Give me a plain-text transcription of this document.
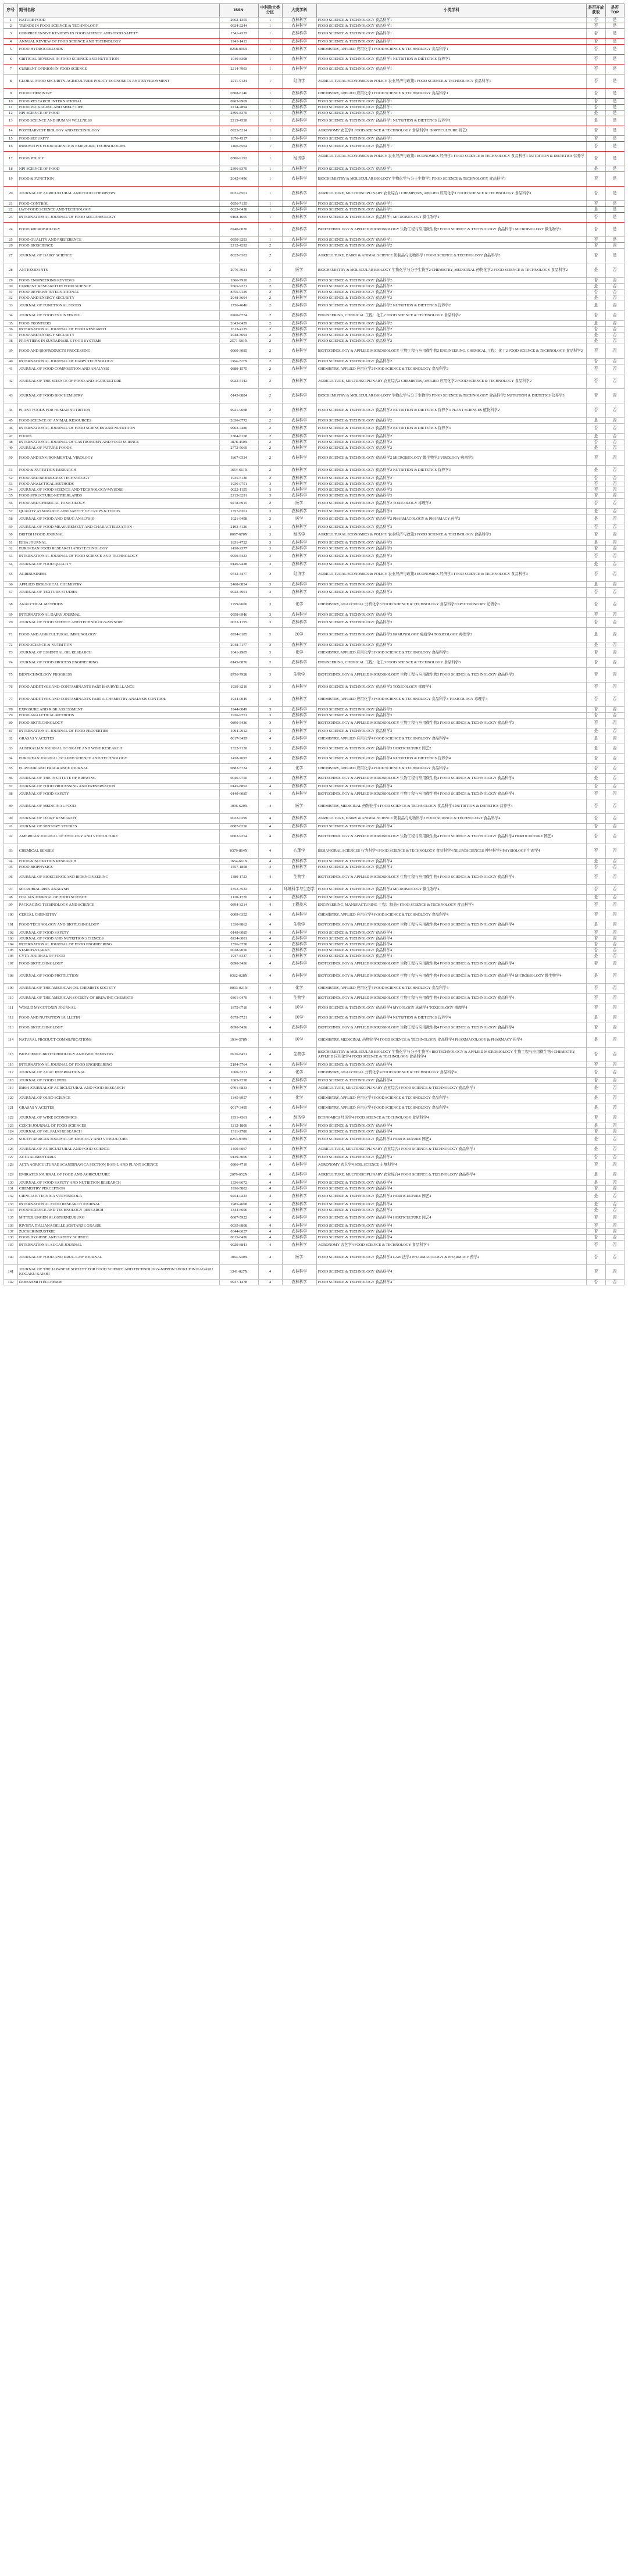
序号	期刊名称	ISSN	中科院大类分区	大类学科	小类学科	是否开放获取	是否TOP
1	NATURE FOOD	2662-1355	1	农林科学	FOOD SCIENCE & TECHNOLOGY 食品科学1	否	是
2	TRENDS IN FOOD SCIENCE & TECHNOLOGY	0924-2244	1	农林科学	FOOD SCIENCE & TECHNOLOGY 食品科学1	否	是
3	COMPREHENSIVE REVIEWS IN FOOD SCIENCE AND FOOD SAFETY	1541-4337	1	农林科学	FOOD SCIENCE & TECHNOLOGY 食品科学1	否	是
4	ANNUAL REVIEW OF FOOD SCIENCE AND TECHNOLOGY	1941-1413	1	农林科学	FOOD SCIENCE & TECHNOLOGY 食品科学1	否	是
5	FOOD HYDROCOLLOIDS	0268-005X	1	农林科学	CHEMISTRY, APPLIED 应用化学1 FOOD SCIENCE & TECHNOLOGY 食品科学1	否	是
6	CRITICAL REVIEWS IN FOOD SCIENCE AND NUTRITION	1040-8398	1	农林科学	FOOD SCIENCE & TECHNOLOGY 食品科学1 NUTRITION & DIETETICS 营养学1	否	是
7	CURRENT OPINION IN FOOD SCIENCE	2214-7993	1	农林科学	FOOD SCIENCE & TECHNOLOGY 食品科学1	否	是
8	GLOBAL FOOD SECURITY-AGRICULTURE POLICY ECONOMICS AND ENVIRONMENT	2211-9124	1	经济学	AGRICULTURAL ECONOMICS & POLICY 农业经济与政策1 FOOD SCIENCE & TECHNOLOGY 食品科学1	否	是
9	FOOD CHEMISTRY	0308-8146	1	农林科学	CHEMISTRY, APPLIED 应用化学1 FOOD SCIENCE & TECHNOLOGY 食品科学1	否	是
10	FOOD RESEARCH INTERNATIONAL	0963-9969	1	农林科学	FOOD SCIENCE & TECHNOLOGY 食品科学1	否	是
11	FOOD PACKAGING AND SHELF LIFE	2214-2894	1	农林科学	FOOD SCIENCE & TECHNOLOGY 食品科学1	否	是
12	NPJ SCIENCE OF FOOD	2396-8370	1	农林科学	FOOD SCIENCE & TECHNOLOGY 食品科学1	是	是
13	FOOD SCIENCE AND HUMAN WELLNESS	2213-4530	1	农林科学	FOOD SCIENCE & TECHNOLOGY 食品科学1 NUTRITION & DIETETICS 营养学1	是	是
14	POSTHARVEST BIOLOGY AND TECHNOLOGY	0925-5214	1	农林科学	AGRONOMY 农艺学1 FOOD SCIENCE & TECHNOLOGY 食品科学1 HORTICULTURE 园艺1	否	是
15	FOOD SECURITY	1876-4517	1	农林科学	FOOD SCIENCE & TECHNOLOGY 食品科学1	否	是
16	INNOVATIVE FOOD SCIENCE & EMERGING TECHNOLOGIES	1466-8564	1	农林科学	FOOD SCIENCE & TECHNOLOGY 食品科学1	否	是
17	FOOD POLICY	0306-9192	1	经济学	AGRICULTURAL ECONOMICS & POLICY 农业经济与政策1 ECONOMICS 经济学1 FOOD SCIENCE & TECHNOLOGY 食品科学1 NUTRITION & DIETETICS 营养学1	否	是
18	NPJ SCIENCE OF FOOD	2396-8370	1	农林科学	FOOD SCIENCE & TECHNOLOGY 食品科学1	是	是
19	FOOD & FUNCTION	2042-6496	1	农林科学	BIOCHEMISTRY & MOLECULAR BIOLOGY 生物化学与分子生物学1 FOOD SCIENCE & TECHNOLOGY 食品科学1	否	是
20	JOURNAL OF AGRICULTURAL AND FOOD CHEMISTRY	0021-8561	1	农林科学	AGRICULTURE, MULTIDISCIPLINARY 农业综合1 CHEMISTRY, APPLIED 应用化学1 FOOD SCIENCE & TECHNOLOGY 食品科学1	否	是
21	FOOD CONTROL	0956-7135	1	农林科学	FOOD SCIENCE & TECHNOLOGY 食品科学1	否	是
22	LWT-FOOD SCIENCE AND TECHNOLOGY	0023-6438	1	农林科学	FOOD SCIENCE & TECHNOLOGY 食品科学1	是	是
23	INTERNATIONAL JOURNAL OF FOOD MICROBIOLOGY	0168-1605	1	农林科学	FOOD SCIENCE & TECHNOLOGY 食品科学1 MICROBIOLOGY 微生物学2	否	是
24	FOOD MICROBIOLOGY	0740-0020	1	农林科学	BIOTECHNOLOGY & APPLIED MICROBIOLOGY 生物工程与应用微生物2 FOOD SCIENCE & TECHNOLOGY 食品科学1 MICROBIOLOGY 微生物学2	否	是
25	FOOD QUALITY AND PREFERENCE	0950-3293	1	农林科学	FOOD SCIENCE & TECHNOLOGY 食品科学1	否	是
26	FOOD BIOSCIENCE	2212-4292	2	农林科学	FOOD SCIENCE & TECHNOLOGY 食品科学2	否	否
27	JOURNAL OF DAIRY SCIENCE	0022-0302	2	农林科学	AGRICULTURE, DAIRY & ANIMAL SCIENCE 奶制品与动物科学1 FOOD SCIENCE & TECHNOLOGY 食品科学2	否	是
28	ANTIOXIDANTS	2076-3921	2	医学	BIOCHEMISTRY & MOLECULAR BIOLOGY 生物化学与分子生物学2 CHEMISTRY, MEDICINAL 药物化学2 FOOD SCIENCE & TECHNOLOGY 食品科学2	是	否
29	FOOD ENGINEERING REVIEWS	1866-7910	2	农林科学	FOOD SCIENCE & TECHNOLOGY 食品科学2	否	否
30	CURRENT RESEARCH IN FOOD SCIENCE	2665-9271	2	农林科学	FOOD SCIENCE & TECHNOLOGY 食品科学2	是	否
31	FOOD REVIEWS INTERNATIONAL	8755-9129	2	农林科学	FOOD SCIENCE & TECHNOLOGY 食品科学2	否	否
32	FOOD AND ENERGY SECURITY	2048-3694	2	农林科学	FOOD SCIENCE & TECHNOLOGY 食品科学2	是	否
33	JOURNAL OF FUNCTIONAL FOODS	1756-4646	2	农林科学	FOOD SCIENCE & TECHNOLOGY 食品科学2 NUTRITION & DIETETICS 营养学2	是	否
34	JOURNAL OF FOOD ENGINEERING	0260-8774	2	农林科学	ENGINEERING, CHEMICAL 工程：化工2 FOOD SCIENCE & TECHNOLOGY 食品科学2	否	否
35	FOOD FRONTIERS	2643-8429	2	农林科学	FOOD SCIENCE & TECHNOLOGY 食品科学2	是	否
36	INTERNATIONAL JOURNAL OF FOOD RESEARCH	1613-4125	2	农林科学	FOOD SCIENCE & TECHNOLOGY 食品科学2	否	否
37	FOOD AND ENERGY SECURITY	2048-3694	2	农林科学	FOOD SCIENCE & TECHNOLOGY 食品科学2	是	否
38	FRONTIERS IN SUSTAINABLE FOOD SYSTEMS	2571-581X	2	农林科学	FOOD SCIENCE & TECHNOLOGY 食品科学2	是	否
39	FOOD AND BIOPRODUCTS PROCESSING	0960-3085	2	农林科学	BIOTECHNOLOGY & APPLIED MICROBIOLOGY 生物工程与应用微生物2 ENGINEERING, CHEMICAL 工程：化工2 FOOD SCIENCE & TECHNOLOGY 食品科学2	否	否
40	INTERNATIONAL JOURNAL OF DAIRY TECHNOLOGY	1364-727X	2	农林科学	FOOD SCIENCE & TECHNOLOGY 食品科学2	否	否
41	JOURNAL OF FOOD COMPOSITION AND ANALYSIS	0889-1575	2	农林科学	CHEMISTRY, APPLIED 应用化学2 FOOD SCIENCE & TECHNOLOGY 食品科学2	否	否
42	JOURNAL OF THE SCIENCE OF FOOD AND AGRICULTURE	0022-5142	2	农林科学	AGRICULTURE, MULTIDISCIPLINARY 农业综合2 CHEMISTRY, APPLIED 应用化学2 FOOD SCIENCE & TECHNOLOGY 食品科学2	否	否
43	JOURNAL OF FOOD BIOCHEMISTRY	0145-8884	2	农林科学	BIOCHEMISTRY & MOLECULAR BIOLOGY 生物化学与分子生物学3 FOOD SCIENCE & TECHNOLOGY 食品科学2 NUTRITION & DIETETICS 营养学3	否	否
44	PLANT FOODS FOR HUMAN NUTRITION	0921-9668	2	农林科学	FOOD SCIENCE & TECHNOLOGY 食品科学2 NUTRITION & DIETETICS 营养学3 PLANT SCIENCES 植物科学2	否	否
45	FOOD SCIENCE OF ANIMAL RESOURCES	2636-0772	2	农林科学	FOOD SCIENCE & TECHNOLOGY 食品科学2	是	否
46	INTERNATIONAL JOURNAL OF FOOD SCIENCES AND NUTRITION	0963-7486	2	农林科学	FOOD SCIENCE & TECHNOLOGY 食品科学2 NUTRITION & DIETETICS 营养学3	否	否
47	FOODS	2304-8158	2	农林科学	FOOD SCIENCE & TECHNOLOGY 食品科学2	是	否
48	INTERNATIONAL JOURNAL OF GASTRONOMY AND FOOD SCIENCE	1878-450X	2	农林科学	FOOD SCIENCE & TECHNOLOGY 食品科学2	否	否
49	JOURNAL OF FUTURE FOODS	2772-5669	2	农林科学	FOOD SCIENCE & TECHNOLOGY 食品科学2	是	否
50	FOOD AND ENVIRONMENTAL VIROLOGY	1867-0334	2	农林科学	FOOD SCIENCE & TECHNOLOGY 食品科学2 MICROBIOLOGY 微生物学3 VIROLOGY 病毒学3	否	否
51	FOOD & NUTRITION RESEARCH	1654-661X	2	农林科学	FOOD SCIENCE & TECHNOLOGY 食品科学2 NUTRITION & DIETETICS 营养学3	是	否
52	FOOD AND BIOPROCESS TECHNOLOGY	1935-5130	2	农林科学	FOOD SCIENCE & TECHNOLOGY 食品科学2	否	否
53	FOOD ANALYTICAL METHODS	1936-9751	3	农林科学	FOOD SCIENCE & TECHNOLOGY 食品科学3	否	否
54	JOURNAL OF FOOD SCIENCE AND TECHNOLOGY-MYSORE	0022-1155	3	农林科学	FOOD SCIENCE & TECHNOLOGY 食品科学3	否	否
55	FOOD STRUCTURE-NETHERLANDS	2213-3291	3	农林科学	FOOD SCIENCE & TECHNOLOGY 食品科学3	否	否
56	FOOD AND CHEMICAL TOXICOLOGY	0278-6915	2	医学	FOOD SCIENCE & TECHNOLOGY 食品科学2 TOXICOLOGY 毒理学2	否	否
57	QUALITY ASSURANCE AND SAFETY OF CROPS & FOODS	1757-8361	3	农林科学	FOOD SCIENCE & TECHNOLOGY 食品科学3	是	否
58	JOURNAL OF FOOD AND DRUG ANALYSIS	1021-9498	2	医学	FOOD SCIENCE & TECHNOLOGY 食品科学2 PHARMACOLOGY & PHARMACY 药学3	是	否
59	JOURNAL OF FOOD MEASUREMENT AND CHARACTERIZATION	2193-4126	3	农林科学	FOOD SCIENCE & TECHNOLOGY 食品科学3	否	否
60	BRITISH FOOD JOURNAL	0007-070X	3	经济学	AGRICULTURAL ECONOMICS & POLICY 农业经济与政策3 FOOD SCIENCE & TECHNOLOGY 食品科学3	否	否
61	EFSA JOURNAL	1831-4732	3	农林科学	FOOD SCIENCE & TECHNOLOGY 食品科学3	是	否
62	EUROPEAN FOOD RESEARCH AND TECHNOLOGY	1438-2377	3	农林科学	FOOD SCIENCE & TECHNOLOGY 食品科学3	否	否
63	INTERNATIONAL JOURNAL OF FOOD SCIENCE AND TECHNOLOGY	0950-5423	3	农林科学	FOOD SCIENCE & TECHNOLOGY 食品科学3	否	否
64	JOURNAL OF FOOD QUALITY	0146-9428	3	农林科学	FOOD SCIENCE & TECHNOLOGY 食品科学3	是	否
65	AGRIBUSINESS	0742-4477	3	经济学	AGRICULTURAL ECONOMICS & POLICY 农业经济与政策3 ECONOMICS 经济学3 FOOD SCIENCE & TECHNOLOGY 食品科学3	否	否
66	APPLIED BIOLOGICAL CHEMISTRY	2468-0834	3	农林科学	FOOD SCIENCE & TECHNOLOGY 食品科学3	是	否
67	JOURNAL OF TEXTURE STUDIES	0022-4901	3	农林科学	FOOD SCIENCE & TECHNOLOGY 食品科学3	否	否
68	ANALYTICAL METHODS	1759-9660	3	化学	CHEMISTRY, ANALYTICAL 分析化学3 FOOD SCIENCE & TECHNOLOGY 食品科学3 SPECTROSCOPY 光谱学3	否	否
69	INTERNATIONAL DAIRY JOURNAL	0958-6946	3	农林科学	FOOD SCIENCE & TECHNOLOGY 食品科学3	否	否
70	JOURNAL OF FOOD SCIENCE AND TECHNOLOGY-MYSORE	0022-1155	3	农林科学	FOOD SCIENCE & TECHNOLOGY 食品科学3	否	否
71	FOOD AND AGRICULTURAL IMMUNOLOGY	0954-0105	3	医学	FOOD SCIENCE & TECHNOLOGY 食品科学3 IMMUNOLOGY 免疫学4 TOXICOLOGY 毒理学3	是	否
72	FOOD SCIENCE & NUTRITION	2048-7177	3	农林科学	FOOD SCIENCE & TECHNOLOGY 食品科学3	是	否
73	JOURNAL OF ESSENTIAL OIL RESEARCH	1041-2905	3	化学	CHEMISTRY, APPLIED 应用化学3 FOOD SCIENCE & TECHNOLOGY 食品科学3	否	否
74	JOURNAL OF FOOD PROCESS ENGINEERING	0145-8876	3	农林科学	ENGINEERING, CHEMICAL 工程：化工3 FOOD SCIENCE & TECHNOLOGY 食品科学3	否	否
75	BIOTECHNOLOGY PROGRESS	8756-7938	3	生物学	BIOTECHNOLOGY & APPLIED MICROBIOLOGY 生物工程与应用微生物3 FOOD SCIENCE & TECHNOLOGY 食品科学3	否	否
76	FOOD ADDITIVES AND CONTAMINANTS PART B-SURVEILLANCE	1939-3210	3	农林科学	FOOD SCIENCE & TECHNOLOGY 食品科学3 TOXICOLOGY 毒理学4	否	否
77	FOOD ADDITIVES AND CONTAMINANTS PART A-CHEMISTRY ANALYSIS CONTROL	1944-0049	3	农林科学	CHEMISTRY, APPLIED 应用化学3 FOOD SCIENCE & TECHNOLOGY 食品科学3 TOXICOLOGY 毒理学4	否	否
78	EXPOSURE AND RISK ASSESSMENT	1944-0049	3	农林科学	FOOD SCIENCE & TECHNOLOGY 食品科学3	否	否
79	FOOD ANALYTICAL METHODS	1936-9751	3	农林科学	FOOD SCIENCE & TECHNOLOGY 食品科学3	否	否
80	FOOD BIOTECHNOLOGY	0890-5436	3	农林科学	BIOTECHNOLOGY & APPLIED MICROBIOLOGY 生物工程与应用微生物3 FOOD SCIENCE & TECHNOLOGY 食品科学3	否	否
81	INTERNATIONAL JOURNAL OF FOOD PROPERTIES	1094-2912	3	农林科学	FOOD SCIENCE & TECHNOLOGY 食品科学3	是	否
82	GRASAS Y ACEITES	0017-3495	4	农林科学	CHEMISTRY, APPLIED 应用化学4 FOOD SCIENCE & TECHNOLOGY 食品科学4	是	否
83	AUSTRALIAN JOURNAL OF GRAPE AND WINE RESEARCH	1322-7130	3	农林科学	FOOD SCIENCE & TECHNOLOGY 食品科学3 HORTICULTURE 园艺2	是	否
84	EUROPEAN JOURNAL OF LIPID SCIENCE AND TECHNOLOGY	1438-7697	4	农林科学	FOOD SCIENCE & TECHNOLOGY 食品科学4 NUTRITION & DIETETICS 营养学4	否	否
85	FLAVOUR AND FRAGRANCE JOURNAL	0882-5734	4	化学	CHEMISTRY, APPLIED 应用化学4 FOOD SCIENCE & TECHNOLOGY 食品科学4	否	否
86	JOURNAL OF THE INSTITUTE OF BREWING	0046-9750	4	农林科学	BIOTECHNOLOGY & APPLIED MICROBIOLOGY 生物工程与应用微生物4 FOOD SCIENCE & TECHNOLOGY 食品科学4	是	否
87	JOURNAL OF FOOD PROCESSING AND PRESERVATION	0145-8892	4	农林科学	FOOD SCIENCE & TECHNOLOGY 食品科学4	否	否
88	JOURNAL OF FOOD SAFETY	0149-6085	4	农林科学	BIOTECHNOLOGY & APPLIED MICROBIOLOGY 生物工程与应用微生物4 FOOD SCIENCE & TECHNOLOGY 食品科学4	否	否
89	JOURNAL OF MEDICINAL FOOD	1096-620X	4	医学	CHEMISTRY, MEDICINAL 药物化学4 FOOD SCIENCE & TECHNOLOGY 食品科学4 NUTRITION & DIETETICS 营养学4	否	否
90	JOURNAL OF DAIRY RESEARCH	0022-0299	4	农林科学	AGRICULTURE, DAIRY & ANIMAL SCIENCE 奶制品与动物科学3 FOOD SCIENCE & TECHNOLOGY 食品科学4	否	否
91	JOURNAL OF SENSORY STUDIES	0887-8250	4	农林科学	FOOD SCIENCE & TECHNOLOGY 食品科学4	否	否
92	AMERICAN JOURNAL OF ENOLOGY AND VITICULTURE	0002-9254	4	农林科学	BIOTECHNOLOGY & APPLIED MICROBIOLOGY 生物工程与应用微生物4 FOOD SCIENCE & TECHNOLOGY 食品科学4 HORTICULTURE 园艺3	否	否
93	CHEMICAL SENSES	0379-864X	4	心理学	BEHAVIORAL SCIENCES 行为科学4 FOOD SCIENCE & TECHNOLOGY 食品科学4 NEUROSCIENCES 神经科学4 PHYSIOLOGY 生理学4	否	否
94	FOOD & NUTRITION RESEARCH	1654-661X	4	农林科学	FOOD SCIENCE & TECHNOLOGY 食品科学4	是	否
95	FOOD BIOPHYSICS	1557-1858	4	农林科学	FOOD SCIENCE & TECHNOLOGY 食品科学4	否	否
96	JOURNAL OF BIOSCIENCE AND BIOENGINEERING	1389-1723	4	生物学	BIOTECHNOLOGY & APPLIED MICROBIOLOGY 生物工程与应用微生物4 FOOD SCIENCE & TECHNOLOGY 食品科学4	否	否
97	MICROBIAL RISK ANALYSIS	2352-3522	4	环境科学与生态学	FOOD SCIENCE & TECHNOLOGY 食品科学4 MICROBIOLOGY 微生物学4	否	否
98	ITALIAN JOURNAL OF FOOD SCIENCE	1120-1770	4	农林科学	FOOD SCIENCE & TECHNOLOGY 食品科学4	是	否
99	PACKAGING TECHNOLOGY AND SCIENCE	0894-3214	4	工程技术	ENGINEERING, MANUFACTURING 工程：制造4 FOOD SCIENCE & TECHNOLOGY 食品科学4	否	否
100	CEREAL CHEMISTRY	0009-0352	4	农林科学	CHEMISTRY, APPLIED 应用化学4 FOOD SCIENCE & TECHNOLOGY 食品科学4	否	否
101	FOOD TECHNOLOGY AND BIOTECHNOLOGY	1330-9862	4	生物学	BIOTECHNOLOGY & APPLIED MICROBIOLOGY 生物工程与应用微生物4 FOOD SCIENCE & TECHNOLOGY 食品科学4	是	否
102	JOURNAL OF FOOD SAFETY	0149-6085	4	农林科学	FOOD SCIENCE & TECHNOLOGY 食品科学4	否	否
103	JOURNAL OF FOOD AND NUTRITION SCIENCES	0234-6001	4	农林科学	FOOD SCIENCE & TECHNOLOGY 食品科学4	否	否
104	INTERNATIONAL JOURNAL OF FOOD ENGINEERING	1556-3758	4	农林科学	FOOD SCIENCE & TECHNOLOGY 食品科学4	否	否
105	STARCH-STARKE	0038-9056	4	农林科学	FOOD SCIENCE & TECHNOLOGY 食品科学4	否	否
106	CYTA-JOURNAL OF FOOD	1947-6337	4	农林科学	FOOD SCIENCE & TECHNOLOGY 食品科学4	是	否
107	FOOD BIOTECHNOLOGY	0890-5436	4	农林科学	BIOTECHNOLOGY & APPLIED MICROBIOLOGY 生物工程与应用微生物4 FOOD SCIENCE & TECHNOLOGY 食品科学4	否	否
108	JOURNAL OF FOOD PROTECTION	0362-028X	4	农林科学	BIOTECHNOLOGY & APPLIED MICROBIOLOGY 生物工程与应用微生物4 FOOD SCIENCE & TECHNOLOGY 食品科学4 MICROBIOLOGY 微生物学4	是	否
109	JOURNAL OF THE AMERICAN OIL CHEMISTS SOCIETY	0003-021X	4	化学	CHEMISTRY, APPLIED 应用化学4 FOOD SCIENCE & TECHNOLOGY 食品科学4	否	否
110	JOURNAL OF THE AMERICAN SOCIETY OF BREWING CHEMISTS	0361-0470	4	生物学	BIOTECHNOLOGY & APPLIED MICROBIOLOGY 生物工程与应用微生物4 FOOD SCIENCE & TECHNOLOGY 食品科学4	否	否
111	WORLD MYCOTOXIN JOURNAL	1875-0710	4	医学	FOOD SCIENCE & TECHNOLOGY 食品科学4 MYCOLOGY 真菌学4 TOXICOLOGY 毒理学4	否	否
112	FOOD AND NUTRITION BULLETIN	0379-5721	4	医学	FOOD SCIENCE & TECHNOLOGY 食品科学4 NUTRITION & DIETETICS 营养学4	是	否
113	FOOD BIOTECHNOLOGY	0890-5436	4	农林科学	BIOTECHNOLOGY & APPLIED MICROBIOLOGY 生物工程与应用微生物4 FOOD SCIENCE & TECHNOLOGY 食品科学4	否	否
114	NATURAL PRODUCT COMMUNICATIONS	1934-578X	4	医学	CHEMISTRY, MEDICINAL 药物化学4 FOOD SCIENCE & TECHNOLOGY 食品科学4 PHARMACOLOGY & PHARMACY 药学4	是	否
115	BIOSCIENCE BIOTECHNOLOGY AND BIOCHEMISTRY	0916-8451	4	生物学	BIOCHEMISTRY & MOLECULAR BIOLOGY 生物化学与分子生物学4 BIOTECHNOLOGY & APPLIED MICROBIOLOGY 生物工程与应用微生物4 CHEMISTRY, APPLIED 应用化学4 FOOD SCIENCE & TECHNOLOGY 食品科学4	否	否
116	INTERNATIONAL JOURNAL OF FOOD ENGINEERING	2194-5764	4	农林科学	FOOD SCIENCE & TECHNOLOGY 食品科学4	否	否
117	JOURNAL OF AOAC INTERNATIONAL	1060-3271	4	化学	CHEMISTRY, ANALYTICAL 分析化学4 FOOD SCIENCE & TECHNOLOGY 食品科学4	否	否
118	JOURNAL OF FOOD LIPIDS	1065-7258	4	农林科学	FOOD SCIENCE & TECHNOLOGY 食品科学4	否	否
119	IRISH JOURNAL OF AGRICULTURAL AND FOOD RESEARCH	0791-6833	4	农林科学	AGRICULTURE, MULTIDISCIPLINARY 农业综合4 FOOD SCIENCE & TECHNOLOGY 食品科学4	是	否
120	JOURNAL OF OLEO SCIENCE	1345-8957	4	化学	CHEMISTRY, APPLIED 应用化学4 FOOD SCIENCE & TECHNOLOGY 食品科学4	是	否
121	GRASAS Y ACEITES	0017-3495	4	农林科学	CHEMISTRY, APPLIED 应用化学4 FOOD SCIENCE & TECHNOLOGY 食品科学4	是	否
122	JOURNAL OF WINE ECONOMICS	1931-4361	4	经济学	ECONOMICS 经济学4 FOOD SCIENCE & TECHNOLOGY 食品科学4	否	否
123	CZECH JOURNAL OF FOOD SCIENCES	1212-1800	4	农林科学	FOOD SCIENCE & TECHNOLOGY 食品科学4	是	否
124	JOURNAL OF OIL PALM RESEARCH	1511-2780	4	农林科学	FOOD SCIENCE & TECHNOLOGY 食品科学4	否	否
125	SOUTH AFRICAN JOURNAL OF ENOLOGY AND VITICULTURE	0253-939X	4	农林科学	FOOD SCIENCE & TECHNOLOGY 食品科学4 HORTICULTURE 园艺4	是	否
126	JOURNAL OF AGRICULTURAL AND FOOD SCIENCE	1459-6067	4	农林科学	AGRICULTURE, MULTIDISCIPLINARY 农业综合4 FOOD SCIENCE & TECHNOLOGY 食品科学4	是	否
127	ACTA ALIMENTARIA	0139-3006	4	农林科学	FOOD SCIENCE & TECHNOLOGY 食品科学4	否	否
128	ACTA AGRICULTURAE SCANDINAVICA SECTION B-SOIL AND PLANT SCIENCE	0906-4710	4	农林科学	AGRONOMY 农艺学4 SOIL SCIENCE 土壤科学4	否	否
129	EMIRATES JOURNAL OF FOOD AND AGRICULTURE	2079-052X	4	农林科学	AGRICULTURE, MULTIDISCIPLINARY 农业综合4 FOOD SCIENCE & TECHNOLOGY 食品科学4	是	否
130	JOURNAL OF FOOD SAFETY AND NUTRITION RESEARCH	1336-8672	4	农林科学	FOOD SCIENCE & TECHNOLOGY 食品科学4	是	否
131	CHEMISTRY PERCEPTION	1936-5802	4	农林科学	FOOD SCIENCE & TECHNOLOGY 食品科学4	否	否
132	CIENCIA E TECNICA VITIVINICOLA	0254-0223	4	农林科学	FOOD SCIENCE & TECHNOLOGY 食品科学4 HORTICULTURE 园艺4	是	否
133	INTERNATIONAL FOOD RESEARCH JOURNAL	1985-4668	4	农林科学	FOOD SCIENCE & TECHNOLOGY 食品科学4	是	否
134	FOOD SCIENCE AND TECHNOLOGY RESEARCH	1344-6606	4	农林科学	FOOD SCIENCE & TECHNOLOGY 食品科学4	是	否
135	MITTEILUNGEN KLOSTERNEUBURG	0007-5922	4	农林科学	FOOD SCIENCE & TECHNOLOGY 食品科学4 HORTICULTURE 园艺4	否	否
136	RIVISTA ITALIANA DELLE SOSTANZE GRASSE	0035-6808	4	农林科学	FOOD SCIENCE & TECHNOLOGY 食品科学4	否	否
137	ZUCKERINDUSTRIE	0344-8657	4	农林科学	FOOD SCIENCE & TECHNOLOGY 食品科学4	否	否
138	FOOD HYGIENE AND SAFETY SCIENCE	0015-6426	4	农林科学	FOOD SCIENCE & TECHNOLOGY 食品科学4	否	否
139	INTERNATIONAL SUGAR JOURNAL	0020-8841	4	农林科学	AGRONOMY 农艺学4 FOOD SCIENCE & TECHNOLOGY 食品科学4	否	否
140	JOURNAL OF FOOD AND DRUG LAW JOURNAL	1064-590X	4	医学	FOOD SCIENCE & TECHNOLOGY 食品科学4 LAW 法学4 PHARMACOLOGY & PHARMACY 药学4	否	否
141	JOURNAL OF THE JAPANESE SOCIETY FOR FOOD SCIENCE AND TECHNOLOGY-NIPPON SHOKUHIN KAGAKU KOGAKU KAISHI	1341-027X	4	农林科学	FOOD SCIENCE & TECHNOLOGY 食品科学4	否	否
142	LEBENSMITTELCHEMIE	0937-1478	4	农林科学	FOOD SCIENCE & TECHNOLOGY 食品科学4	否	否
